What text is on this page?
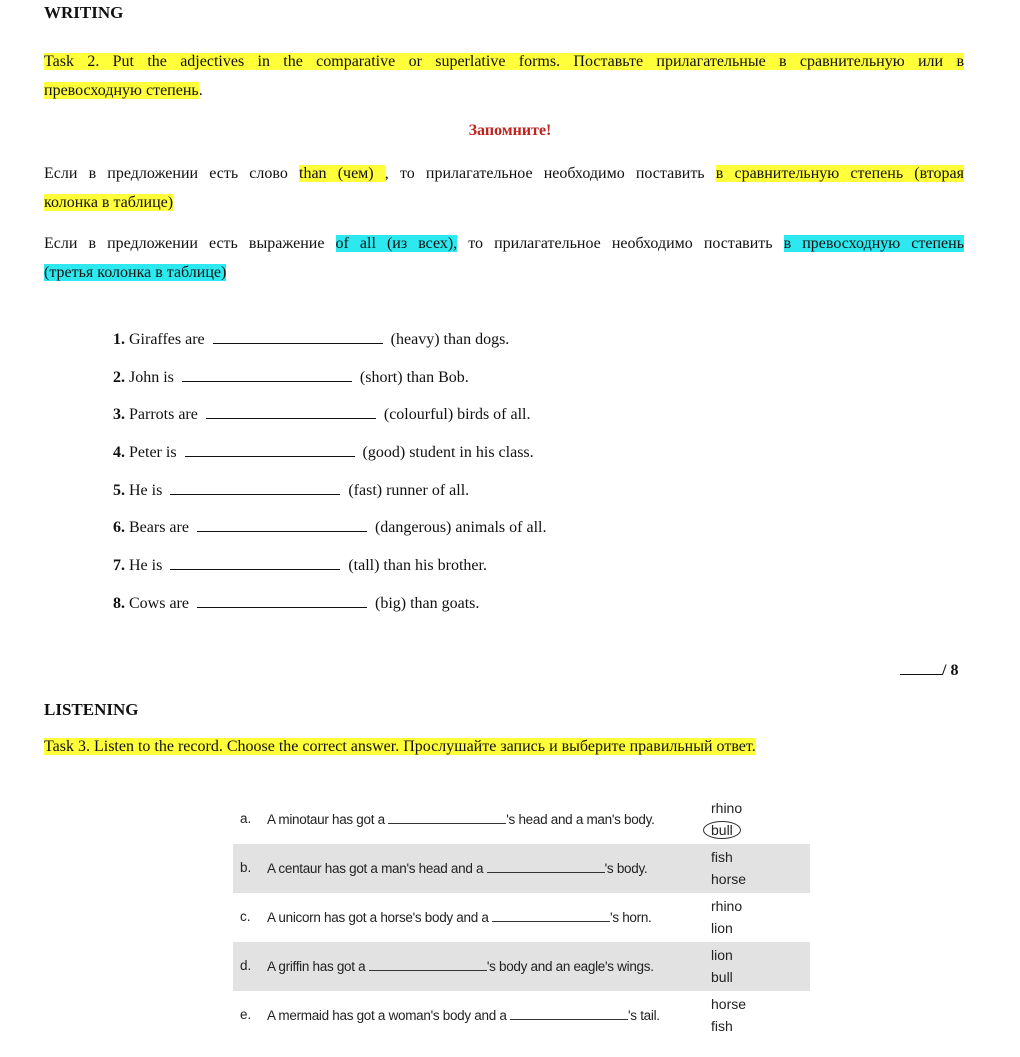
WRITING
Task 2. Put the adjectives in the comparative or superlative forms. Поставьте прилагательные в сравнительную или в
превосходную степень.
Запомните!
Если в предложении есть слово than (чем) , то прилагательное необходимо поставить в сравнительную степень (вторая
колонка в таблице)
Если в предложении есть выражение of all (из всех), то прилагательное необходимо поставить в превосходную степень
(третья колонка в таблице)
1. Giraffes are	(heavy) than dogs.
2. John is	(short) than Bob.
3. Parrots are	(colourful) birds of all.
4. Peter is	(good) student in his class.
5. He is	(fast) runner of all.
6. Bears are	(dangerous) animals of all.
7. He is	(tall) than his brother.
8. Cows are	(big) than goats.
/ 8
LISTENING
Task 3. Listen to the record. Choose the correct answer. Прослушайте запись и выберите правильный ответ.
a. A minotaur has got a	's head and a man's body.
rhino
bull
b. A centaur has got a man's head and a	's body.
fish
horse
c. A unicorn has got a horse's body and a	's horn.
rhino
lion
d. A griffin has got a	's body and an eagle's wings.
lion
bull
e. A mermaid has got a woman's body and a	's tail.
horse
fish
